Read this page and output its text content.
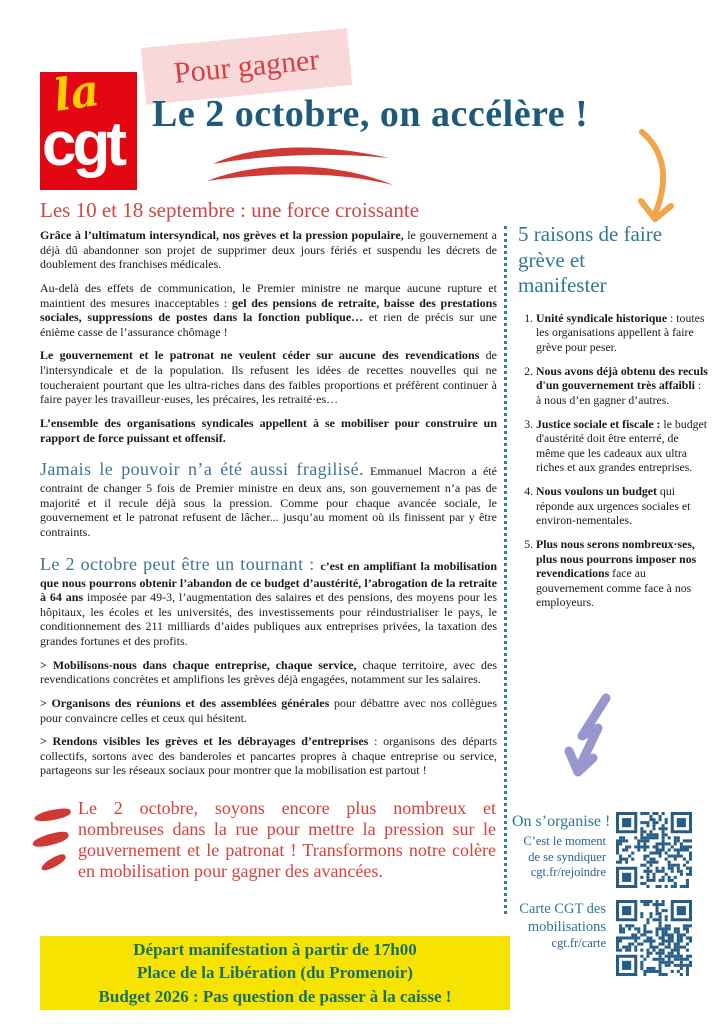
la
cgt
Pour gagner
Le 2 octobre, on accélère !
Les 10 et 18 septembre : une force croissante

Grâce à l’ultimatum intersyndical, nos grèves et la pression populaire, le gouvernement a déjà dû abandonner son projet de supprimer deux jours fériés et suspendu les décrets de doublement des franchises médicales.

Au-delà des effets de communication, le Premier ministre ne marque aucune rupture et maintient des mesures inacceptables : gel des pensions de retraite, baisse des prestations sociales, suppressions de postes dans la fonction publique… et rien de précis sur une énième casse de l’assurance chômage !

Le gouvernement et le patronat ne veulent céder sur aucune des revendications de l'intersyndicale et de la population. Ils refusent les idées de recettes nouvelles qui ne toucheraient pourtant que les ultra-riches dans des faibles proportions et préfèrent continuer à faire payer les travailleur·euses, les précaires, les retraité·es…

L’ensemble des organisations syndicales appellent à se mobiliser pour construire un rapport de force puissant et offensif.

Jamais le pouvoir n’a été aussi fragilisé. Emmanuel Macron a été contraint de changer 5 fois de Premier ministre en deux ans, son gouvernement n’a pas de majorité et il recule déjà sous la pression. Comme pour chaque avancée sociale, le gouvernement et le patronat refusent de lâcher... jusqu’au moment où ils finissent par y être contraints.

Le 2 octobre peut être un tournant : c’est en amplifiant la mobilisation que nous pourrons obtenir l’abandon de ce budget d’austérité, l’abrogation de la retraite à 64 ans imposée par 49-3, l’augmentation des salaires et des pensions, des moyens pour les hôpitaux, les écoles et les universités, des investissements pour réindustrialiser le pays, le conditionnement des 211 milliards d’aides publiques aux entreprises privées, la taxation des grandes fortunes et des profits.

> Mobilisons-nous dans chaque entreprise, chaque service, chaque territoire, avec des revendications concrètes et amplifions les grèves déjà engagées, notamment sur les salaires.

> Organisons des réunions et des assemblées générales pour débattre avec nos collègues pour convaincre celles et ceux qui hésitent.

> Rendons visibles les grèves et les débrayages d’entreprises : organisons des départs collectifs, sortons avec des banderoles et pancartes propres à chaque entreprise ou service, partageons sur les réseaux sociaux pour montrer que la mobilisation est partout !

Le 2 octobre, soyons encore plus nombreux et nombreuses dans la rue pour mettre la pression sur le gouvernement et le patronat ! Transformons notre colère en mobilisation pour gagner des avancées.
Départ manifestation à partir de 17h00
Place de la Libération (du Promenoir)
Budget 2026 : Pas question de passer à la caisse !
5 raisons de faire
grève et
manifester
1. Unité syndicale historique : toutes les organisations appellent à faire grève pour peser.
2. Nous avons déjà obtenu des reculs d'un gouvernement très affaibli : à nous d’en gagner d’autres.
3. Justice sociale et fiscale : le budget d'austérité doit être enterré, de même que les cadeaux aux ultra riches et aux grandes entreprises.
4. Nous voulons un budget qui réponde aux urgences sociales et environ-nementales.
5. Plus nous serons nombreux·ses, plus nous pourrons imposer nos revendications face au gouvernement comme face à nos employeurs.
On s’organise !
C’est le moment
de se syndiquer
cgt.fr/rejoindre
Carte CGT des
mobilisations
cgt.fr/carte
